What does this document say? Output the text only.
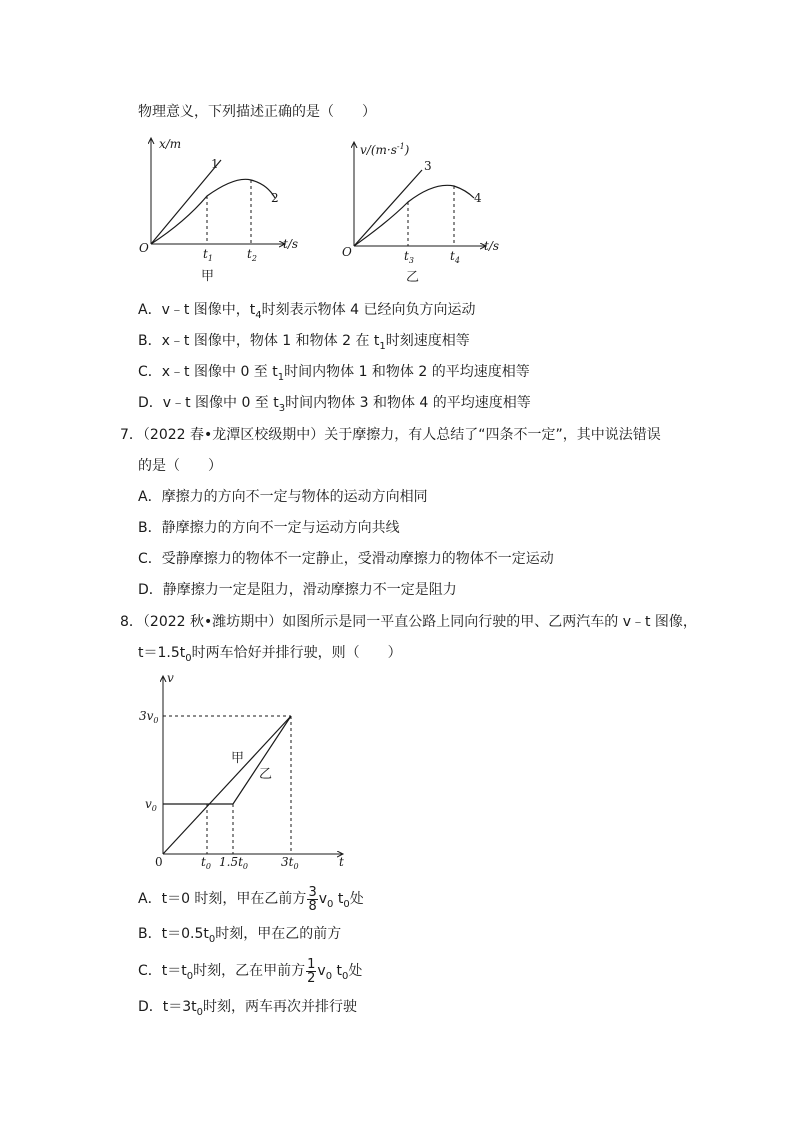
物理意义，下列描述正确的是（　　）
x/m
t/s
O
1
2
$t_1$	$t_2$
甲
$v/(m\cdot s^{-1})$
t/s
O
3
4
$t_3$	$t_4$
乙
A．v﹣t 图像中，$t_4$时刻表示物体 4 已经向负方向运动
B．x﹣t 图像中，物体 1 和物体 2 在 $t_1$时刻速度相等
C．x﹣t 图像中 0 至 $t_1$时间内物体 1 和物体 2 的平均速度相等
D．v﹣t 图像中 0 至 $t_3$时间内物体 3 和物体 4 的平均速度相等
7．（2022 春•龙潭区校级期中）关于摩擦力，有人总结了“四条不一定”，其中说法错误
的是（　　）
A．摩擦力的方向不一定与物体的运动方向相同
B．静摩擦力的方向不一定与运动方向共线
C．受静摩擦力的物体不一定静止，受滑动摩擦力的物体不一定运动
D．静摩擦力一定是阻力，滑动摩擦力不一定是阻力
8．（2022 秋•潍坊期中）如图所示是同一平直公路上同向行驶的甲、乙两汽车的 v﹣t 图像，
$t=1.5t_0$时两车恰好并排行驶，则（　　）
v
t
0
$3v_0$
$v_0$
$t_0$ $1.5t_0$	$3t_0$
甲
乙
A．t＝0 时刻，甲在乙前方 $\frac{3}{8} v_0$ $t_0$处
B．$t=0.5t_0$时刻，甲在乙的前方
C．$t=t_0$时刻，乙在甲前方 $\frac{1}{2} v_0$ $t_0$处
D．$t=3t_0$时刻，两车再次并排行驶
